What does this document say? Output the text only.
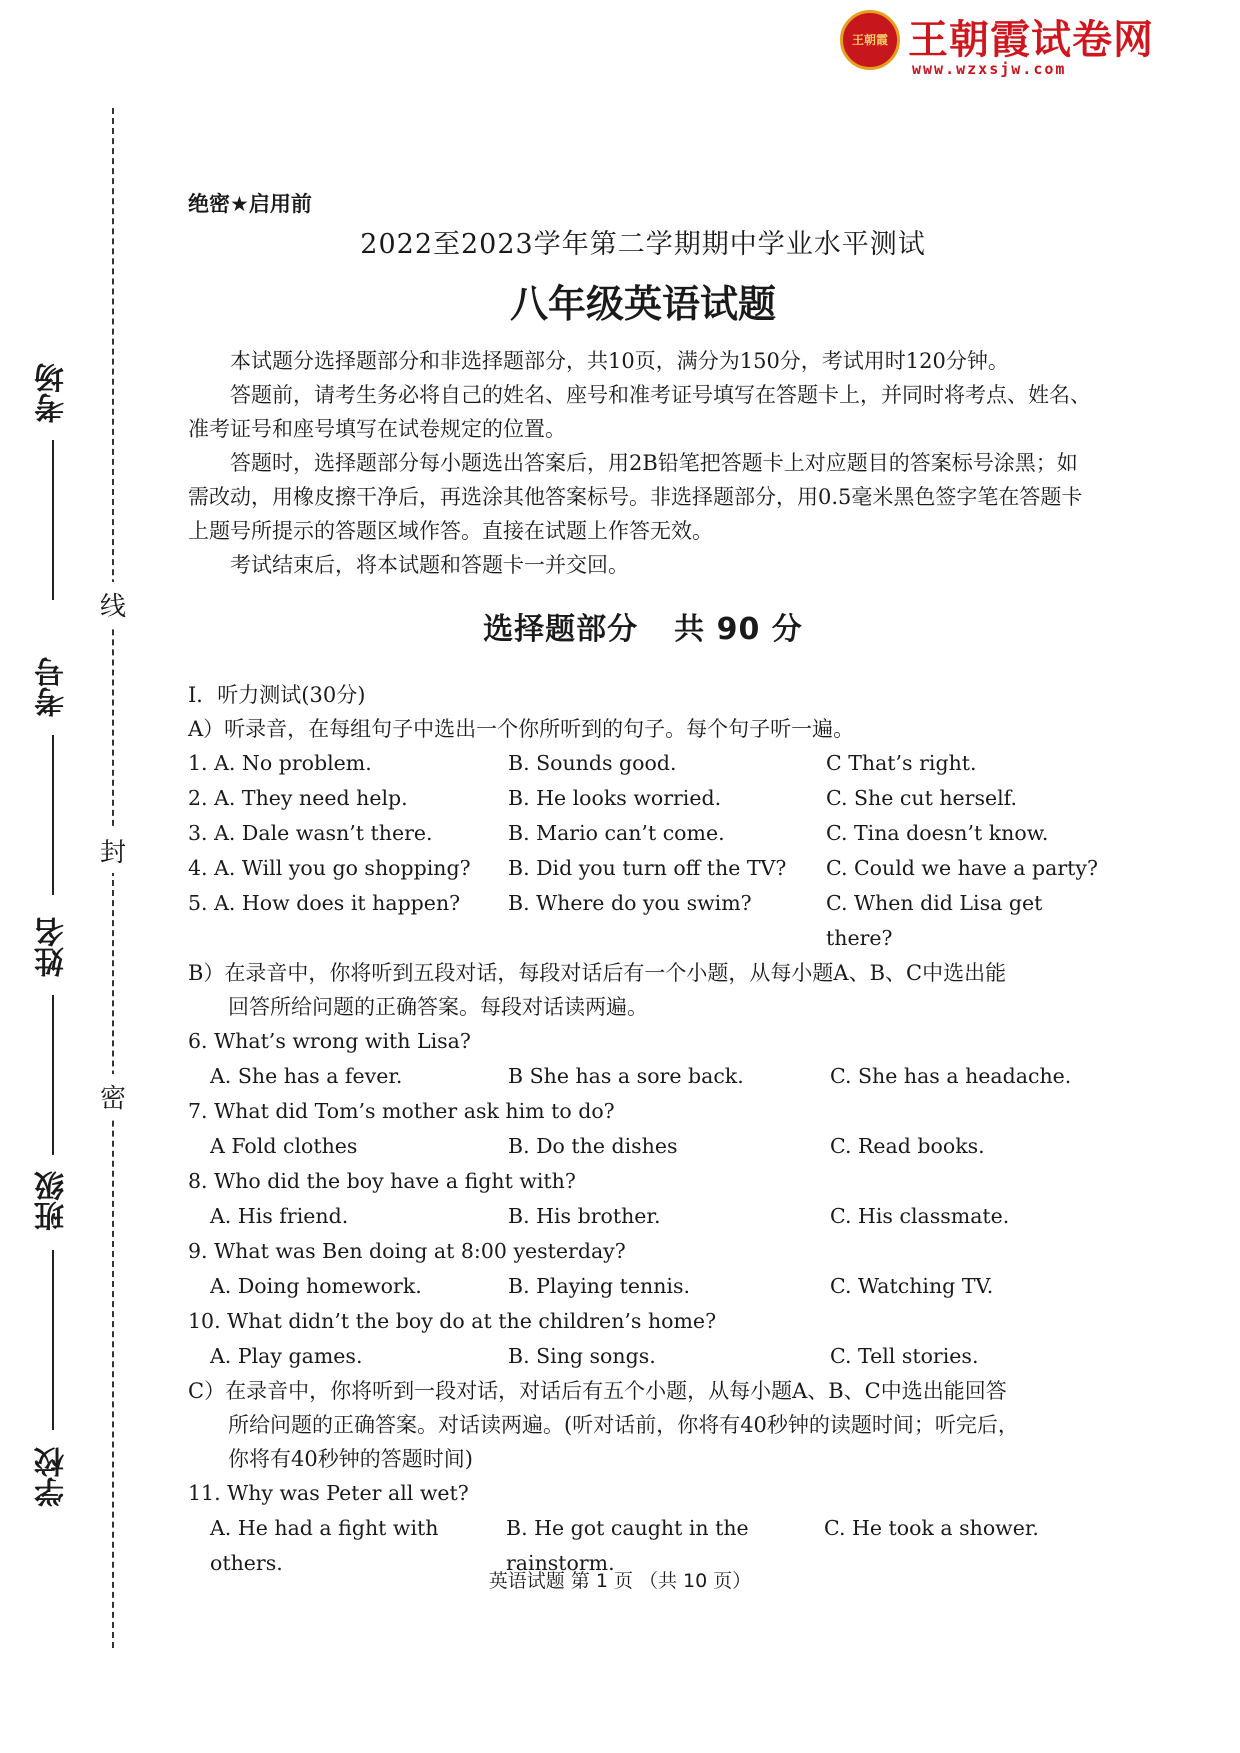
王朝霞 王朝霞试卷网
www.wzxsjw.com
线
封
密
考场
考号
姓名
班级
学校
绝密★启用前
2022至2023学年第二学期期中学业水平测试
八年级英语试题

本试题分选择题部分和非选择题部分，共10页，满分为150分，考试用时120分钟。

答题前，请考生务必将自己的姓名、座号和准考证号填写在答题卡上，并同时将考点、姓名、准考证号和座号填写在试卷规定的位置。

答题时，选择题部分每小题选出答案后，用2B铅笔把答题卡上对应题目的答案标号涂黑；如需改动，用橡皮擦干净后，再选涂其他答案标号。非选择题部分，用0.5毫米黑色签字笔在答题卡上题号所提示的答题区域作答。直接在试题上作答无效。

考试结束后，将本试题和答题卡一并交回。

选择题部分 共 90 分
I．听力测试(30分)
A）听录音，在每组句子中选出一个你所听到的句子。每个句子听一遍。
1. A. No problem.	B. Sounds good.	C That’s right.
2. A. They need help.	B. He looks worried.	C. She cut herself.
3. A. Dale wasn’t there.	B. Mario can’t come.	C. Tina doesn’t know.
4. A. Will you go shopping?	B. Did you turn off the TV?	C. Could we have a party?
5. A. How does it happen?	B. Where do you swim?	C. When did Lisa get there?
B）在录音中，你将听到五段对话，每段对话后有一个小题，从每小题A、B、C中选出能
回答所给问题的正确答案。每段对话读两遍。
6. What’s wrong with Lisa?
A. She has a fever.	B She has a sore back.	C. She has a headache.
7. What did Tom’s mother ask him to do?
A Fold clothes	B. Do the dishes	C. Read books.
8. Who did the boy have a fight with?
A. His friend.	B. His brother.	C. His classmate.
9. What was Ben doing at 8:00 yesterday?
A. Doing homework.	B. Playing tennis.	C. Watching TV.
10. What didn’t the boy do at the children’s home?
A. Play games.	B. Sing songs.	C. Tell stories.
C）在录音中，你将听到一段对话，对话后有五个小题，从每小题A、B、C中选出能回答
所给问题的正确答案。对话读两遍。(听对话前，你将有40秒钟的读题时间；听完后，
你将有40秒钟的答题时间)
11. Why was Peter all wet?
A. He had a fight with others.
B. He got caught in the rainstorm.
C. He took a shower.
英语试题 第 1 页 （共 10 页）
